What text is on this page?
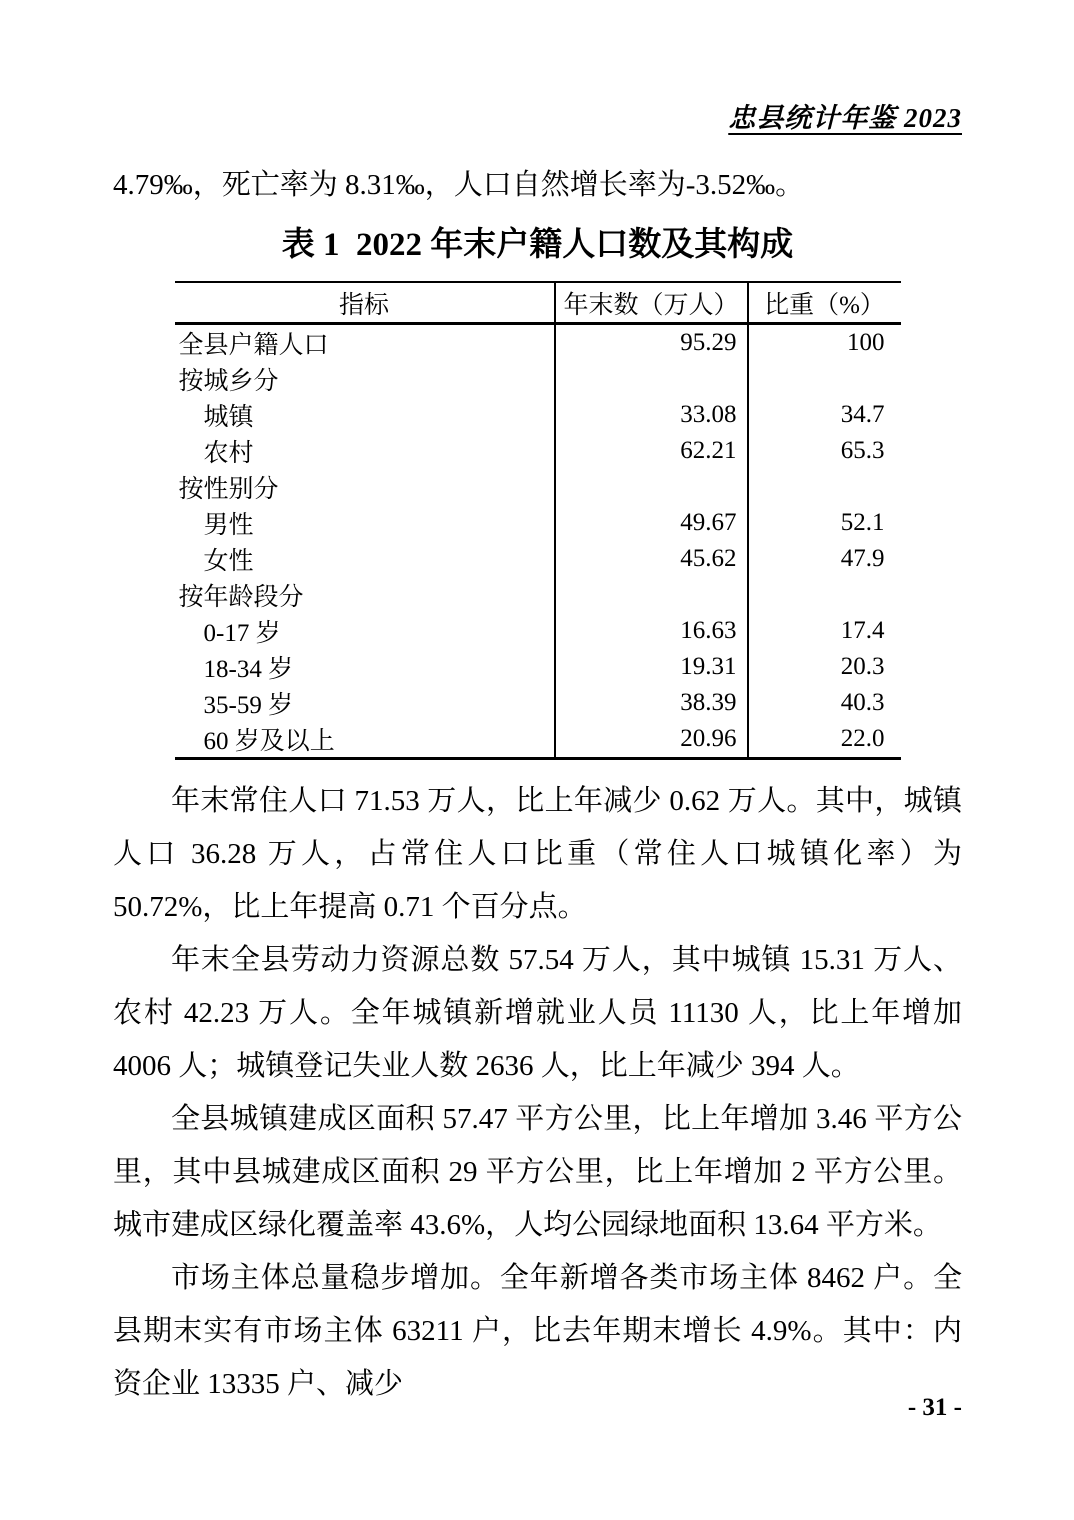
忠县统计年鉴 2023

4.79‰，死亡率为 8.31‰，人口自然增长率为-3.52‰。

表 1  2022 年末户籍人口数及其构成
指标	年末数（万人）	比重（%）
全县户籍人口	95.29	100
按城乡分		
城镇	33.08	34.7
农村	62.21	65.3
按性别分		
男性	49.67	52.1
女性	45.62	47.9
按年龄段分		
0-17 岁	16.63	17.4
18-34 岁	19.31	20.3
35-59 岁	38.39	40.3
60 岁及以上	20.96	22.0

年末常住人口 71.53 万人，比上年减少 0.62 万人。其中，城镇人口 36.28 万人，占常住人口比重（常住人口城镇化率）为 50.72%，比上年提高 0.71 个百分点。

年末全县劳动力资源总数 57.54 万人，其中城镇 15.31 万人、农村 42.23 万人。全年城镇新增就业人员 11130 人，比上年增加 4006 人；城镇登记失业人数 2636 人，比上年减少 394 人。

全县城镇建成区面积 57.47 平方公里，比上年增加 3.46 平方公里，其中县城建成区面积 29 平方公里，比上年增加 2 平方公里。城市建成区绿化覆盖率 43.6%，人均公园绿地面积 13.64 平方米。

市场主体总量稳步增加。全年新增各类市场主体 8462 户。全县期末实有市场主体 63211 户，比去年期末增长 4.9%。其中：内资企业 13335 户、减少

- 31 -
